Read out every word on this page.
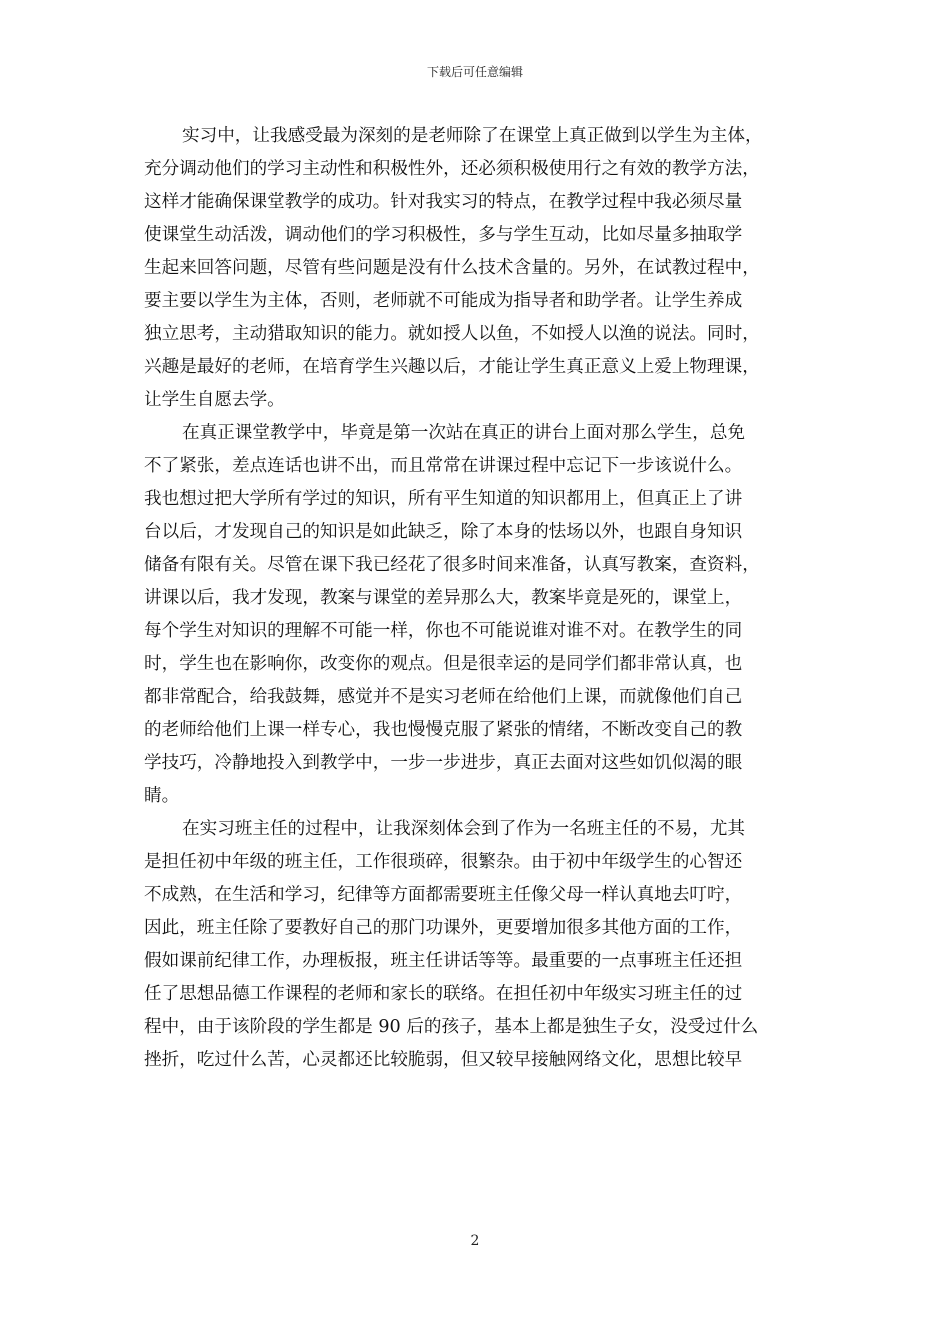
下载后可任意编辑
实习中，让我感受最为深刻的是老师除了在课堂上真正做到以学生为主体，
充分调动他们的学习主动性和积极性外，还必须积极使用行之有效的教学方法，
这样才能确保课堂教学的成功。针对我实习的特点，在教学过程中我必须尽量
使课堂生动活泼，调动他们的学习积极性，多与学生互动，比如尽量多抽取学
生起来回答问题，尽管有些问题是没有什么技术含量的。另外，在试教过程中，
要主要以学生为主体，否则，老师就不可能成为指导者和助学者。让学生养成
独立思考，主动猎取知识的能力。就如授人以鱼，不如授人以渔的说法。同时，
兴趣是最好的老师，在培育学生兴趣以后，才能让学生真正意义上爱上物理课，
让学生自愿去学。
在真正课堂教学中，毕竟是第一次站在真正的讲台上面对那么学生，总免
不了紧张，差点连话也讲不出，而且常常在讲课过程中忘记下一步该说什么。
我也想过把大学所有学过的知识，所有平生知道的知识都用上，但真正上了讲
台以后，才发现自己的知识是如此缺乏，除了本身的怯场以外，也跟自身知识
储备有限有关。尽管在课下我已经花了很多时间来准备，认真写教案，查资料，
讲课以后，我才发现，教案与课堂的差异那么大，教案毕竟是死的，课堂上，
每个学生对知识的理解不可能一样，你也不可能说谁对谁不对。在教学生的同
时，学生也在影响你，改变你的观点。但是很幸运的是同学们都非常认真，也
都非常配合，给我鼓舞，感觉并不是实习老师在给他们上课，而就像他们自己
的老师给他们上课一样专心，我也慢慢克服了紧张的情绪，不断改变自己的教
学技巧，冷静地投入到教学中，一步一步进步，真正去面对这些如饥似渴的眼
睛。
在实习班主任的过程中，让我深刻体会到了作为一名班主任的不易，尤其
是担任初中年级的班主任，工作很琐碎，很繁杂。由于初中年级学生的心智还
不成熟，在生活和学习，纪律等方面都需要班主任像父母一样认真地去叮咛，
因此，班主任除了要教好自己的那门功课外，更要增加很多其他方面的工作，
假如课前纪律工作，办理板报，班主任讲话等等。最重要的一点事班主任还担
任了思想品德工作课程的老师和家长的联络。在担任初中年级实习班主任的过
程中，由于该阶段的学生都是 90 后的孩子，基本上都是独生子女，没受过什么
挫折，吃过什么苦，心灵都还比较脆弱，但又较早接触网络文化，思想比较早
2
